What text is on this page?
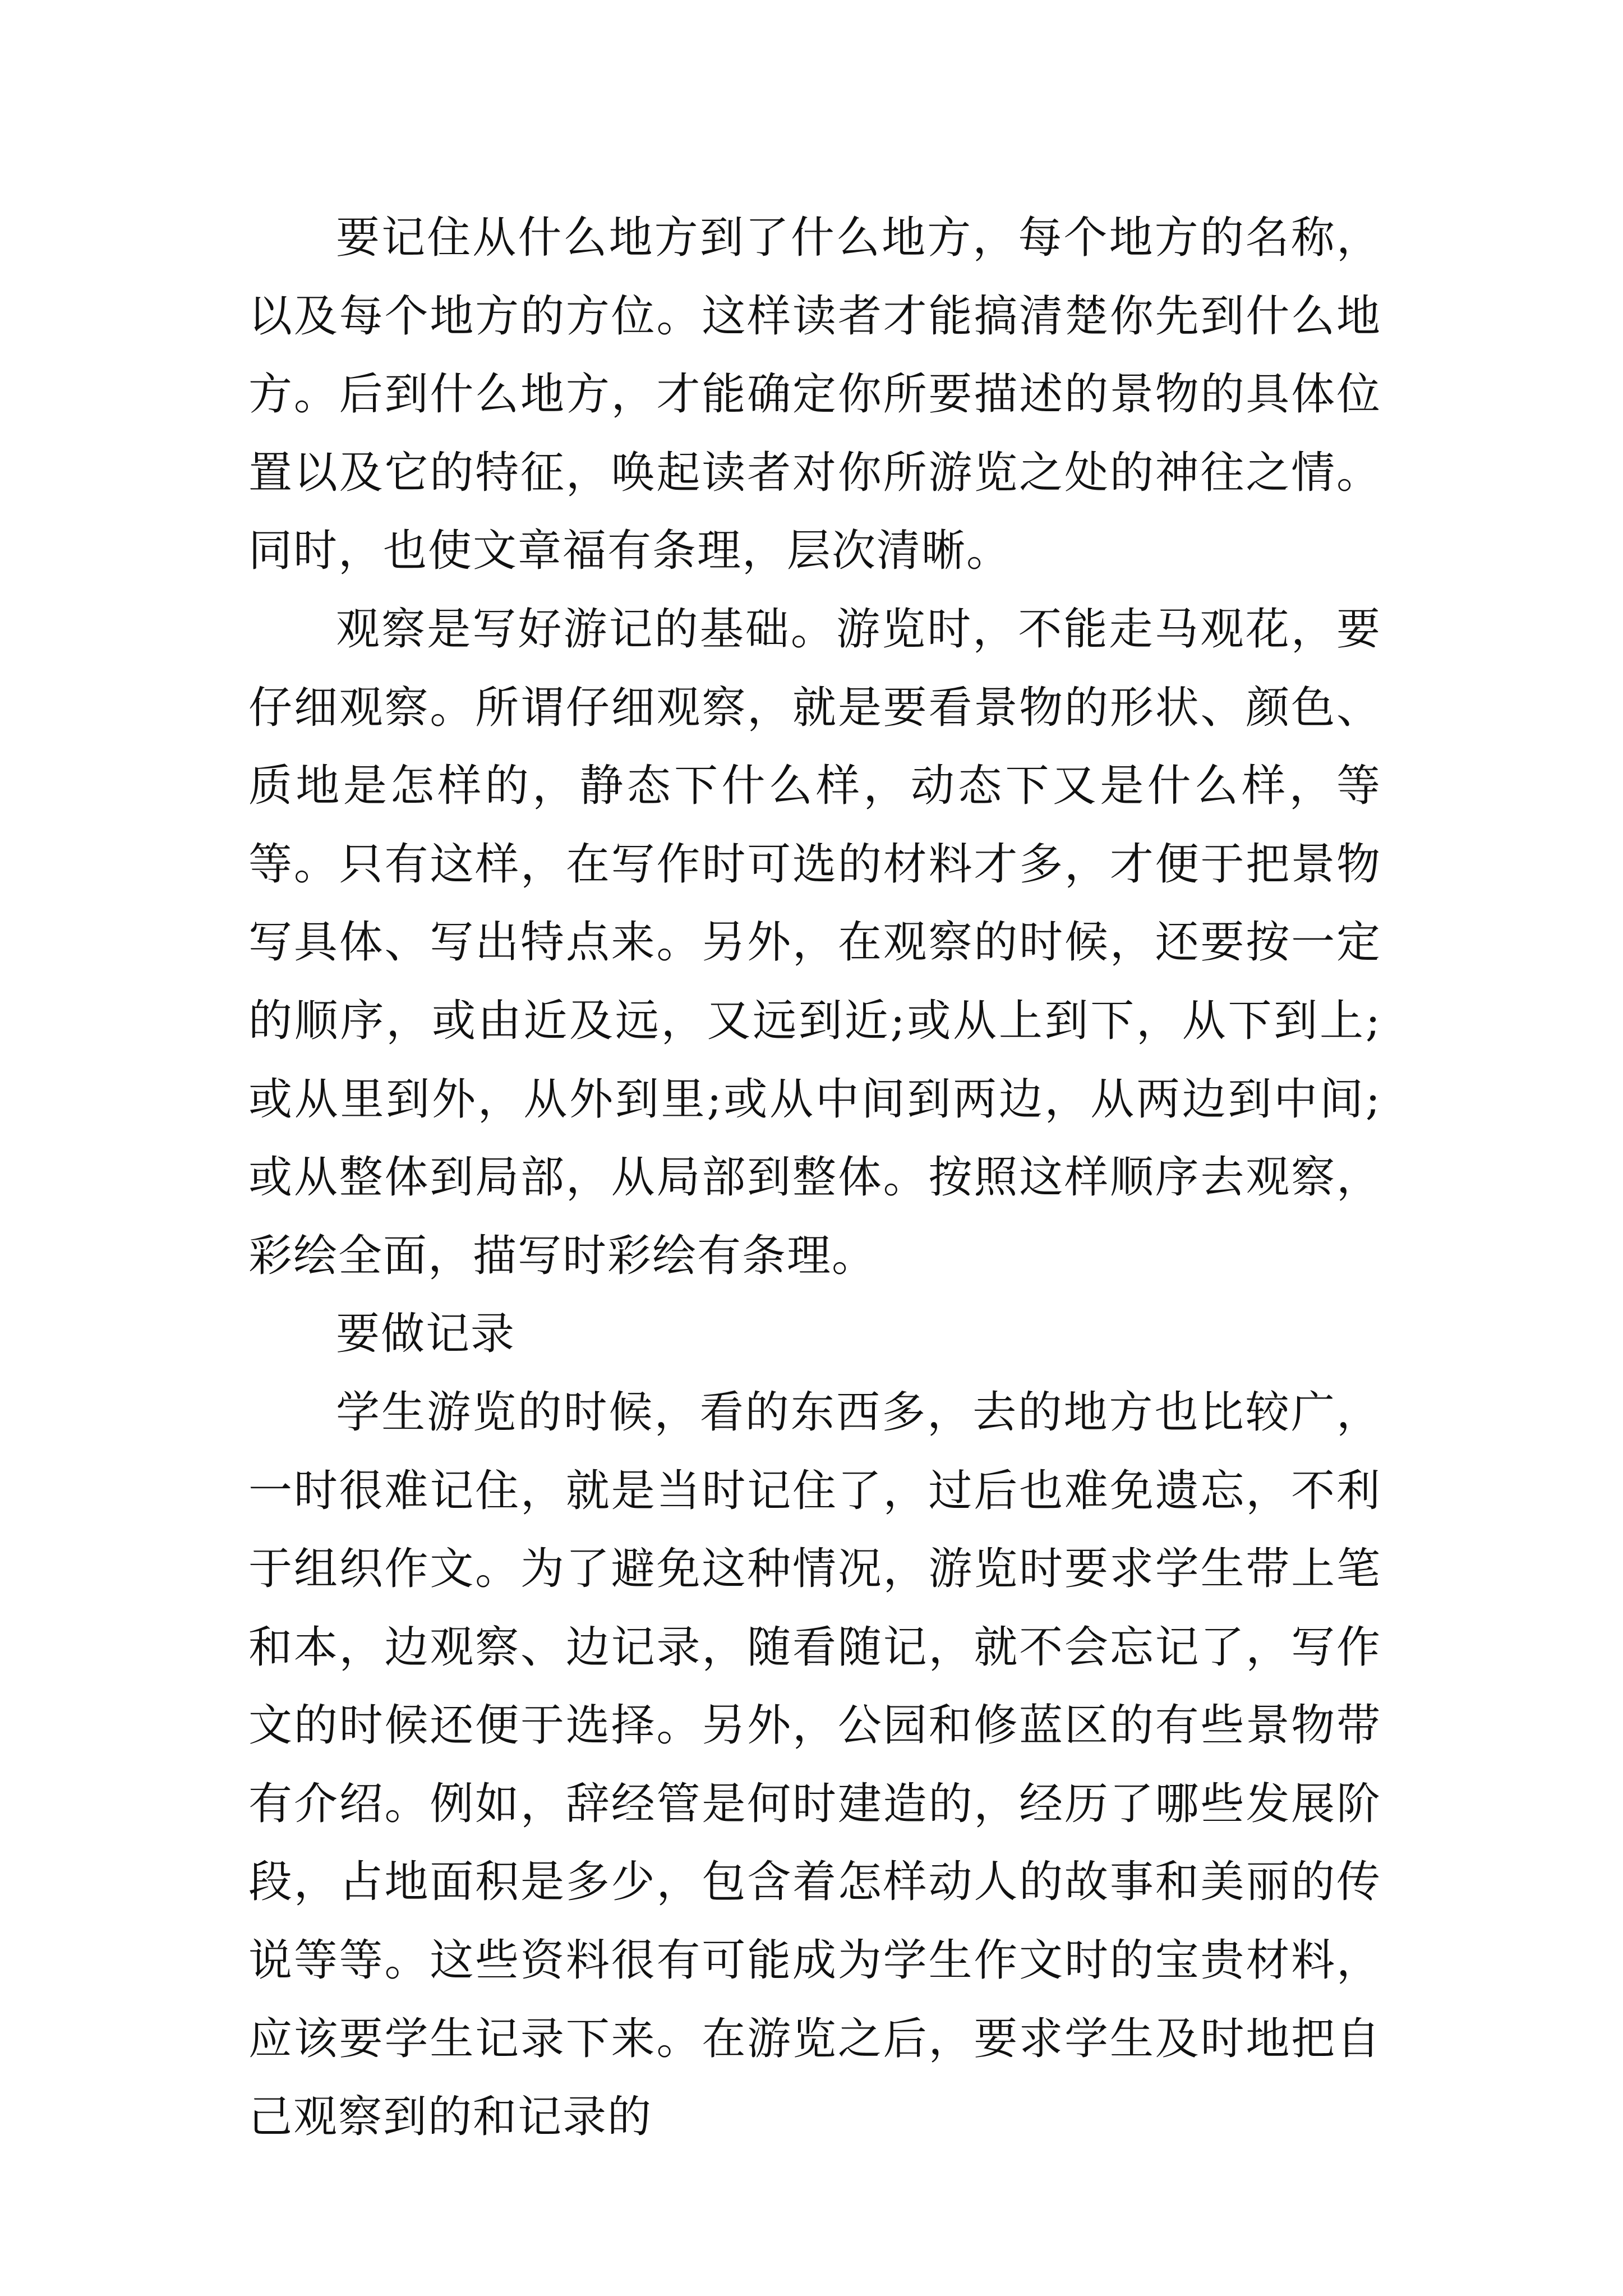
要记住从什么地方到了什么地方，每个地方的名称，以及每个地方的方位。这样读者才能搞清楚你先到什么地方。后到什么地方，才能确定你所要描述的景物的具体位置以及它的特征，唤起读者对你所游览之处的神往之情。同时，也使文章福有条理，层次清晰。

观察是写好游记的基础。游览时，不能走马观花，要仔细观察。所谓仔细观察，就是要看景物的形状、颜色、质地是怎样的，静态下什么样，动态下又是什么样，等等。只有这样，在写作时可选的材料才多，才便于把景物写具体、写出特点来。另外，在观察的时候，还要按一定的顺序，或由近及远，又远到近;或从上到下，从下到上;或从里到外，从外到里;或从中间到两边，从两边到中间;或从整体到局部，从局部到整体。按照这样顺序去观察，彩绘全面，描写时彩绘有条理。

要做记录

学生游览的时候，看的东西多，去的地方也比较广，一时很难记住，就是当时记住了，过后也难免遗忘，不利于组织作文。为了避免这种情况，游览时要求学生带上笔和本，边观察、边记录，随看随记，就不会忘记了，写作文的时候还便于选择。另外，公园和修蓝区的有些景物带有介绍。例如，辞经管是何时建造的，经历了哪些发展阶段，占地面积是多少，包含着怎样动人的故事和美丽的传说等等。这些资料很有可能成为学生作文时的宝贵材料，应该要学生记录下来。在游览之后，要求学生及时地把自己观察到的和记录的
